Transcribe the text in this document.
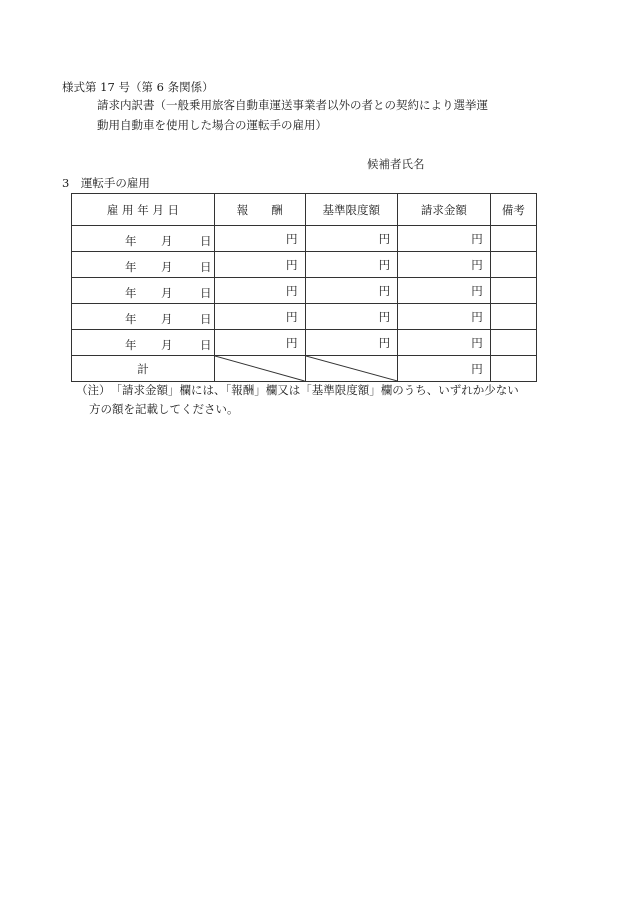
様式第 17 号（第 6 条関係）
請求内訳書（一般乗用旅客自動車運送事業者以外の者との契約により選挙運
動用自動車を使用した場合の運転手の雇用）
候補者氏名
3　運転手の雇用
雇 用 年 月 日	報　　酬	基準限度額	請求金額	備考

年 月 日	円	円	円	

年 月 日	円	円	円	

年 月 日	円	円	円	

年 月 日	円	円	円	

年 月 日	円	円	円	
計			円	
（注）　「請求金額」欄には、「報酬」欄又は「基準限度額」欄のうち、いずれか少ない
方の額を記載してください。
